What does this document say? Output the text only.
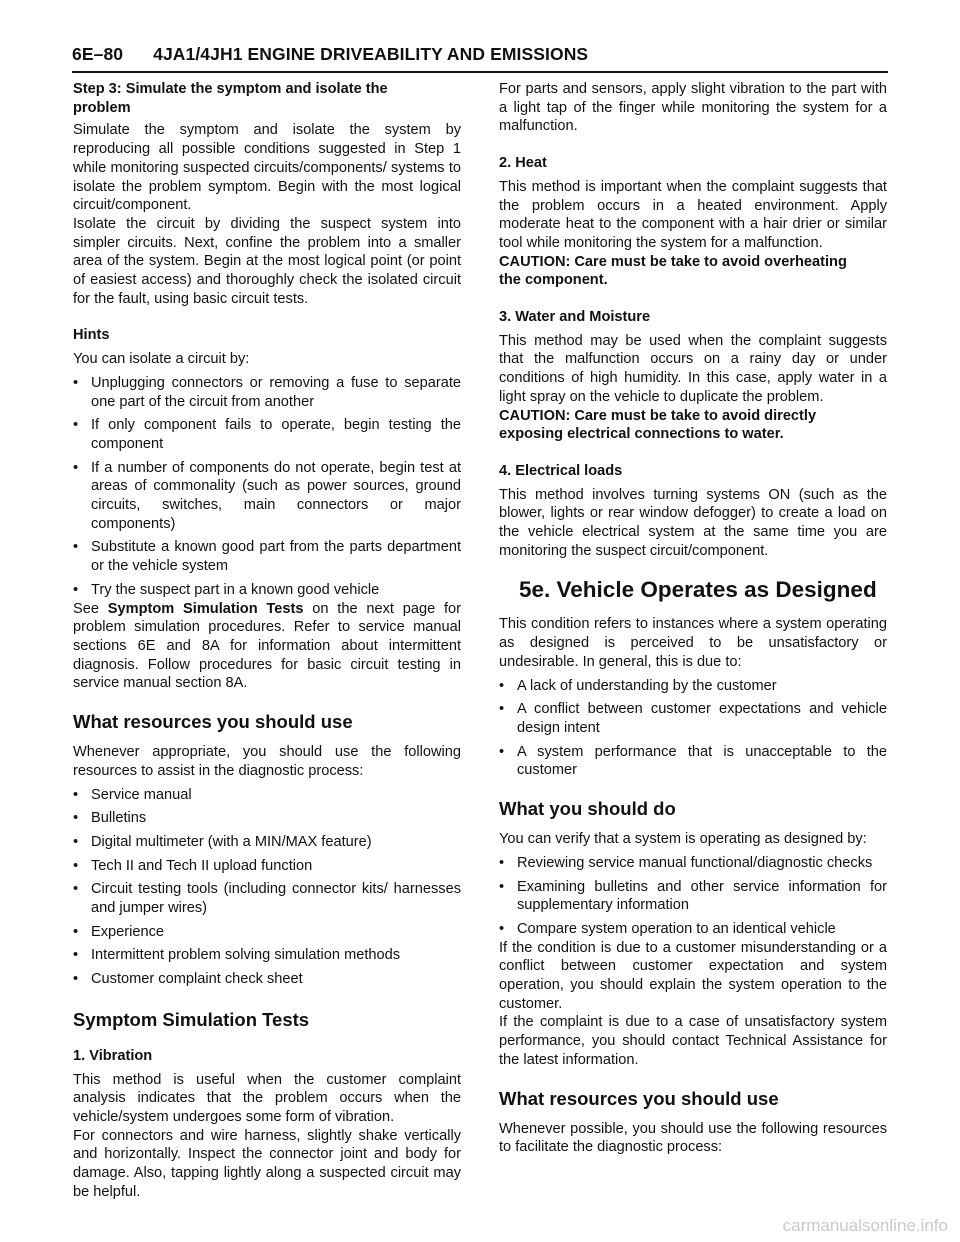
6E–80 4JA1/4JH1 ENGINE DRIVEABILITY AND EMISSIONS
Step 3: Simulate the symptom and isolate the
problem

Simulate the symptom and isolate the system by reproducing all possible conditions suggested in Step 1 while monitoring suspected circuits/components/ systems to isolate the problem symptom. Begin with the most logical circuit/component.

Isolate the circuit by dividing the suspect system into simpler circuits. Next, confine the problem into a smaller area of the system. Begin at the most logical point (or point of easiest access) and thoroughly check the isolated circuit for the fault, using basic circuit tests.

Hints

You can isolate a circuit by:

• Unplugging connectors or removing a fuse to separate one part of the circuit from another
• If only component fails to operate, begin testing the component
• If a number of components do not operate, begin test at areas of commonality (such as power sources, ground circuits, switches, main connectors or major components)
• Substitute a known good part from the parts department or the vehicle system
• Try the suspect part in a known good vehicle

See Symptom Simulation Tests on the next page for problem simulation procedures. Refer to service manual sections 6E and 8A for information about intermittent diagnosis. Follow procedures for basic circuit testing in service manual section 8A.

What resources you should use

Whenever appropriate, you should use the following resources to assist in the diagnostic process:

• Service manual
• Bulletins
• Digital multimeter (with a MIN/MAX feature)
• Tech II and Tech II upload function
• Circuit testing tools (including connector kits/ harnesses and jumper wires)
• Experience
• Intermittent problem solving simulation methods
• Customer complaint check sheet
Symptom Simulation Tests
1. Vibration

This method is useful when the customer complaint analysis indicates that the problem occurs when the vehicle/system undergoes some form of vibration.

For connectors and wire harness, slightly shake vertically and horizontally. Inspect the connector joint and body for damage. Also, tapping lightly along a suspected circuit may be helpful.

For parts and sensors, apply slight vibration to the part with a light tap of the finger while monitoring the system for a malfunction.

2. Heat

This method is important when the complaint suggests that the problem occurs in a heated environment. Apply moderate heat to the component with a hair drier or similar tool while monitoring the system for a malfunction.

CAUTION: Care must be take to avoid overheating
the component.
3. Water and Moisture

This method may be used when the complaint suggests that the malfunction occurs on a rainy day or under conditions of high humidity. In this case, apply water in a light spray on the vehicle to duplicate the problem.

CAUTION: Care must be take to avoid directly
exposing electrical connections to water.
4. Electrical loads

This method involves turning systems ON (such as the blower, lights or rear window defogger) to create a load on the vehicle electrical system at the same time you are monitoring the suspect circuit/component.

5e. Vehicle Operates as Designed

This condition refers to instances where a system operating as designed is perceived to be unsatisfactory or undesirable. In general, this is due to:

• A lack of understanding by the customer
• A conflict between customer expectations and vehicle design intent
• A system performance that is unacceptable to the customer
What you should do

You can verify that a system is operating as designed by:

• Reviewing service manual functional/diagnostic checks
• Examining bulletins and other service information for supplementary information
• Compare system operation to an identical vehicle

If the condition is due to a customer misunderstanding or a conflict between customer expectation and system operation, you should explain the system operation to the customer.

If the complaint is due to a case of unsatisfactory system performance, you should contact Technical Assistance for the latest information.

What resources you should use

Whenever possible, you should use the following resources to facilitate the diagnostic process:

carmanualsonline.info
